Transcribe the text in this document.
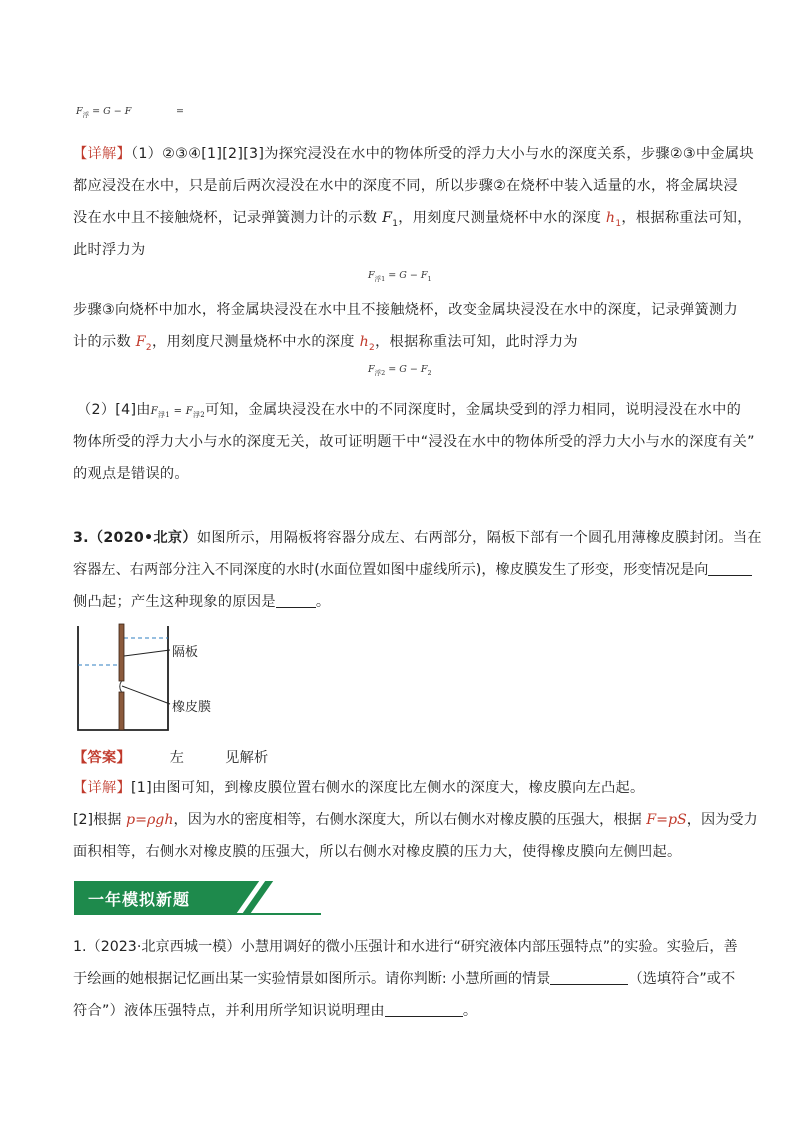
$F_浮 = G - F$	=
【详解】（1）②③④[1][2][3]为探究浸没在水中的物体所受的浮力大小与水的深度关系，步骤②③中金属块
都应浸没在水中，只是前后两次浸没在水中的深度不同，所以步骤②在烧杯中装入适量的水，将金属块浸
没在水中且不接触烧杯，记录弹簧测力计的示数 $F_1$，用刻度尺测量烧杯中水的深度 $h_1$，根据称重法可知，
此时浮力为
$F_{浮1} = G - F_1$
步骤③向烧杯中加水，将金属块浸没在水中且不接触烧杯，改变金属块浸没在水中的深度，记录弹簧测力
计的示数 $F_2$，用刻度尺测量烧杯中水的深度 $h_2$，根据称重法可知，此时浮力为
$F_{浮2} = G - F_2$
（2）[4]由$F_{浮1} = F_{浮2}$可知，金属块浸没在水中的不同深度时，金属块受到的浮力相同，说明浸没在水中的
物体所受的浮力大小与水的深度无关，故可证明题干中“浸没在水中的物体所受的浮力大小与水的深度有关”
的观点是错误的。
3.（2020•北京）如图所示，用隔板将容器分成左、右两部分，隔板下部有一个圆孔用薄橡皮膜封闭。当在
容器左、右两部分注入不同深度的水时(水面位置如图中虚线所示)，橡皮膜发生了形变，形变情况是向
侧凸起；产生这种现象的原因是	。
隔板
橡皮膜
【答案】	左	见解析
【详解】[1]由图可知，到橡皮膜位置右侧水的深度比左侧水的深度大，橡皮膜向左凸起。
[2]根据 p=ρgh，因为水的密度相等，右侧水深度大，所以右侧水对橡皮膜的压强大，根据 F=pS，因为受力
面积相等，右侧水对橡皮膜的压强大，所以右侧水对橡皮膜的压力大，使得橡皮膜向左侧凹起。
一年模拟新题
1.（2023·北京西城一模）小慧用调好的微小压强计和水进行“研究液体内部压强特点”的实验。实验后，善
于绘画的她根据记忆画出某一实验情景如图所示。请你判断: 小慧所画的情景	（选填符合”或不
符合”）液体压强特点，并利用所学知识说明理由	。
